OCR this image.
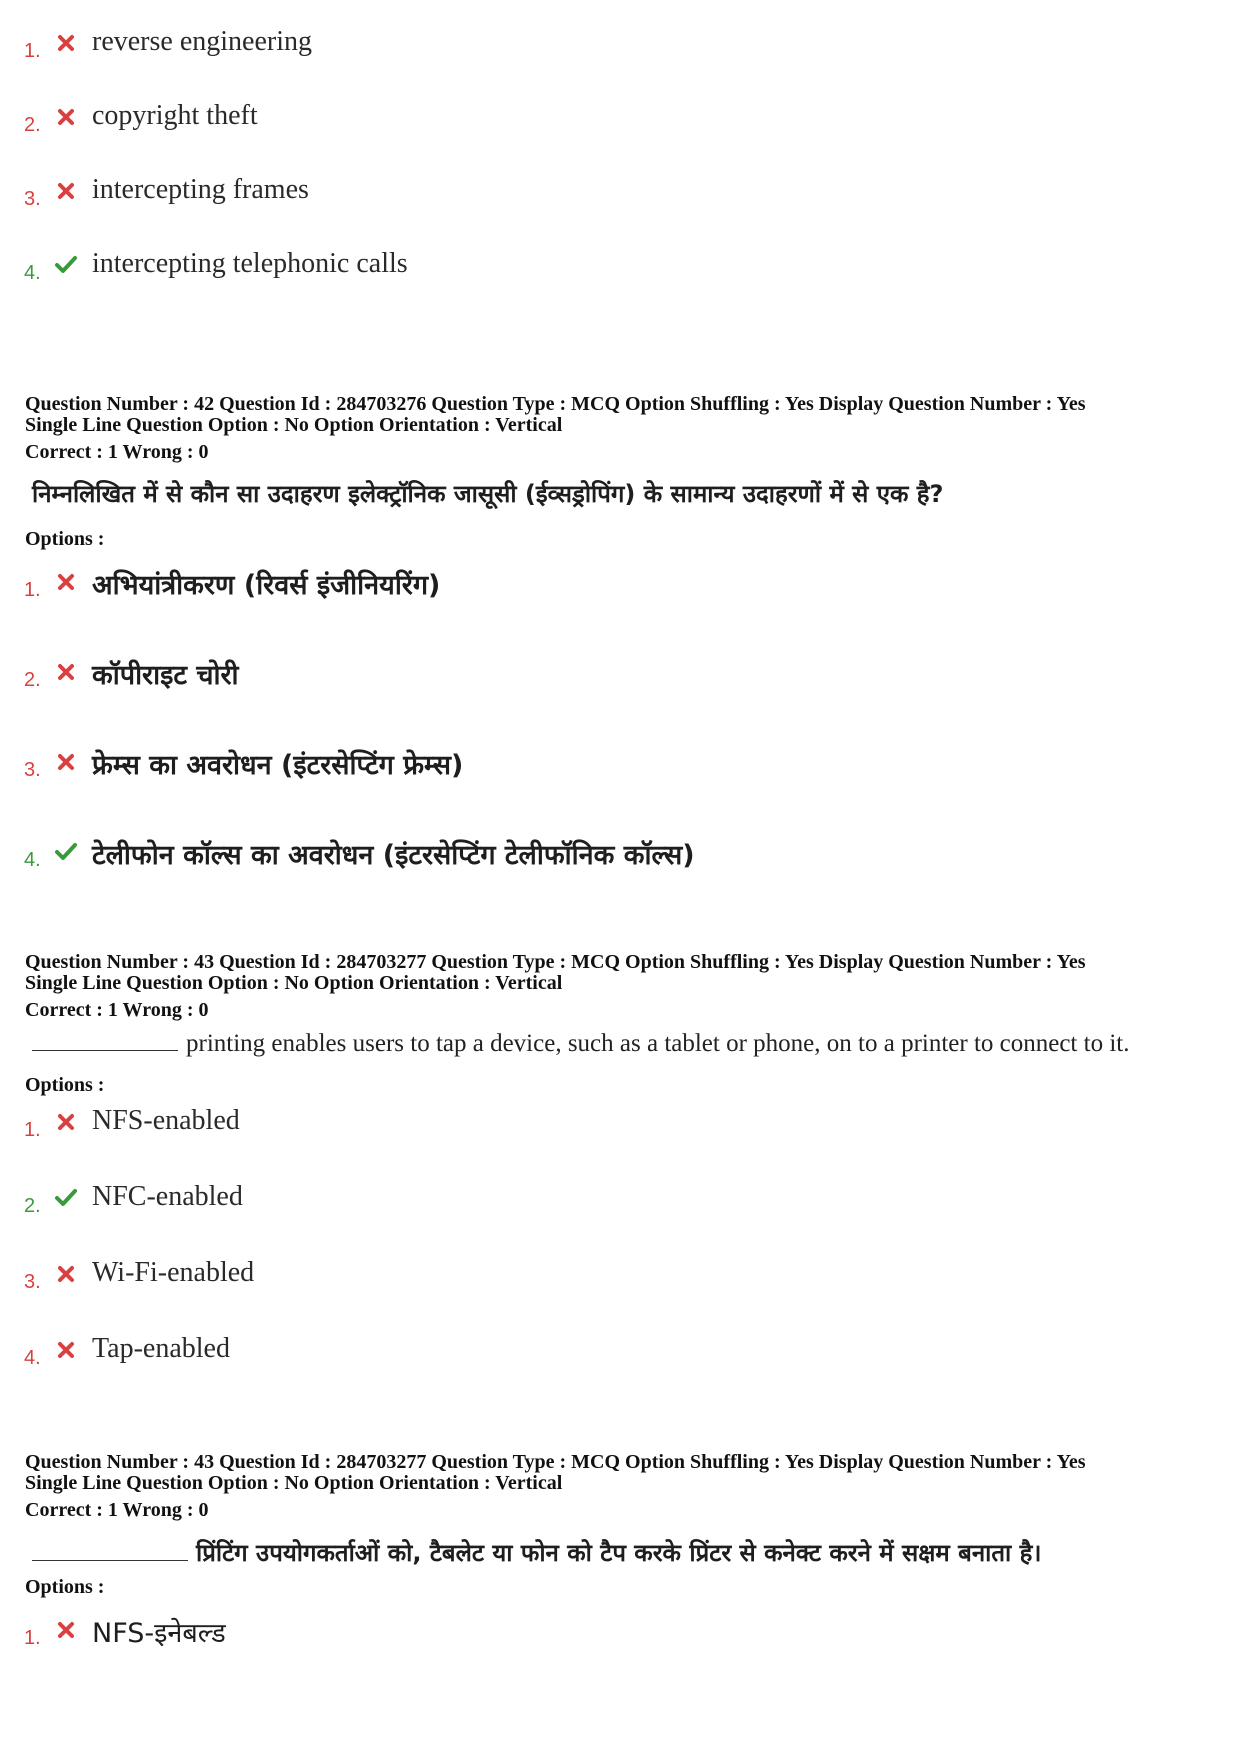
1. reverse engineering
2. copyright theft
3. intercepting frames
4. intercepting telephonic calls
Question Number : 42 Question Id : 284703276 Question Type : MCQ Option Shuffling : Yes Display Question Number : Yes
Single Line Question Option : No Option Orientation : Vertical
Correct : 1 Wrong : 0
निम्नलिखित में से कौन सा उदाहरण इलेक्ट्रॉनिक जासूसी (ईव्सड्रोपिंग) के सामान्य उदाहरणों में से एक है?
Options :
1. अभियांत्रीकरण (रिवर्स इंजीनियरिंग)
2. कॉपीराइट चोरी
3. फ्रेम्स का अवरोधन (इंटरसेप्टिंग फ्रेम्स)
4. टेलीफोन कॉल्स का अवरोधन (इंटरसेप्टिंग टेलीफॉनिक कॉल्स)
Question Number : 43 Question Id : 284703277 Question Type : MCQ Option Shuffling : Yes Display Question Number : Yes
Single Line Question Option : No Option Orientation : Vertical
Correct : 1 Wrong : 0
printing enables users to tap a device, such as a tablet or phone, on to a printer to connect to it.
Options :
1. NFS-enabled
2. NFC-enabled
3. Wi-Fi-enabled
4. Tap-enabled
Question Number : 43 Question Id : 284703277 Question Type : MCQ Option Shuffling : Yes Display Question Number : Yes
Single Line Question Option : No Option Orientation : Vertical
Correct : 1 Wrong : 0
प्रिंटिंग उपयोगकर्ताओं को, टैबलेट या फोन को टैप करके प्रिंटर से कनेक्ट करने में सक्षम बनाता है।
Options :
1. NFS-इनेबल्ड
